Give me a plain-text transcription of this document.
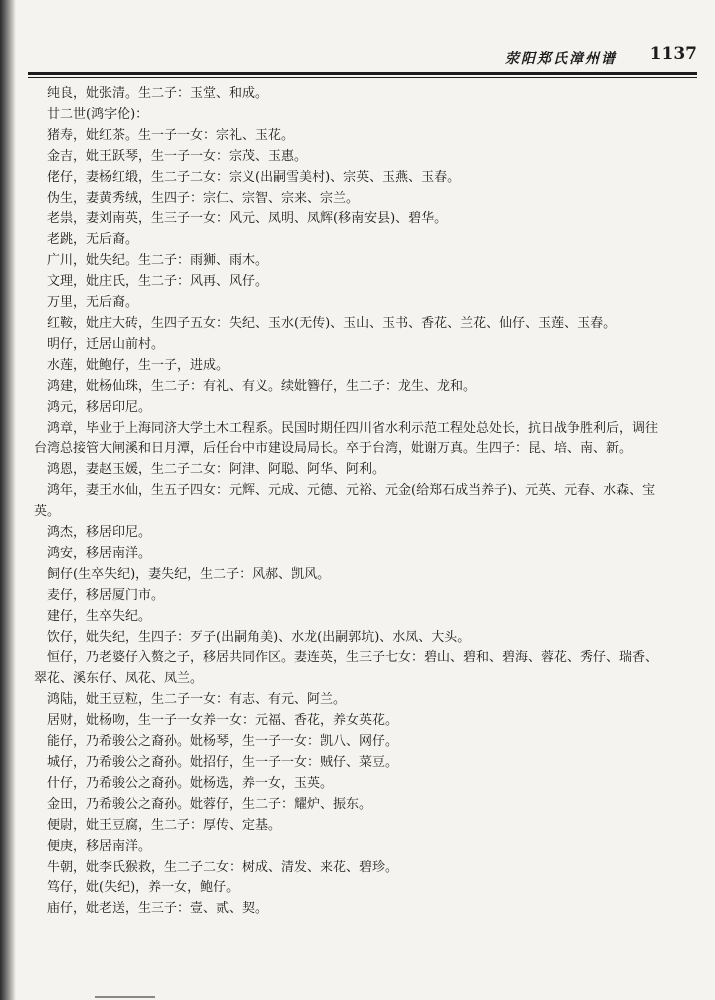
荥阳郑氏漳州谱 1137

纯良，妣张清。生二子：玉堂、和成。

廿二世(鸿字伦)：

猪寿，妣红茶。生一子一女：宗礼、玉花。

金吉，妣王跃琴，生一子一女：宗茂、玉惠。

佬仔，妻杨红缎，生二子二女：宗义(出嗣雪美村)、宗英、玉燕、玉春。

伪生，妻黄秀绒，生四子：宗仁、宗智、宗来、宗兰。

老祟，妻刘南英，生三子一女：风元、凤明、凤辉(移南安县)、碧华。

老跳，无后裔。

广川，妣失纪。生二子：雨狮、雨木。

文理，妣庄氏，生二子：风再、风仔。

万里，无后裔。

红鞍，妣庄大砖，生四子五女：失纪、玉水(无传)、玉山、玉书、香花、兰花、仙仔、玉莲、玉春。

明仔，迁居山前村。

水莲，妣鲍仔，生一子，进成。

鸿建，妣杨仙珠，生二子：有礼、有义。续妣簪仔，生二子：龙生、龙和。

鸿元，移居印尼。

鸿章，毕业于上海同济大学土木工程系。民国时期任四川省水利示范工程处总处长，抗日战争胜利后，调往台湾总接管大闸溪和日月潭，后任台中市建设局局长。卒于台湾，妣谢万真。生四子：昆、培、南、新。

鸿恩，妻赵玉媛，生二子二女：阿津、阿聪、阿华、阿利。

鸿年，妻王水仙，生五子四女：元辉、元成、元德、元裕、元金(给郑石成当养子)、元英、元春、水森、宝英。

鸿杰，移居印尼。

鸿安，移居南洋。

飼仔(生卒失纪)，妻失纪，生二子：风郝、凯风。

麦仔，移居厦门市。

建仔，生卒失纪。

饮仔，妣失纪，生四子：歹子(出嗣角美)、水龙(出嗣郭坑)、水凤、大头。

恒仔，乃老婆仔入赘之子，移居共同作区。妻连英，生三子七女：碧山、碧和、碧海、蓉花、秀仔、瑞香、翠花、溪东仔、凤花、凤兰。

鸿陆，妣王豆粒，生二子一女：有志、有元、阿兰。

居财，妣杨吻，生一子一女养一女：元福、香花，养女英花。

能仔，乃希骏公之裔孙。妣杨琴，生一子一女：凯八、网仔。

城仔，乃希骏公之裔孙。妣招仔，生一子一女：贼仔、菜豆。

什仔，乃希骏公之裔孙。妣杨选，养一女，玉英。

金田，乃希骏公之裔孙。妣蓉仔，生二子：耀炉、振东。

便尉，妣王豆腐，生二子：厚传、定基。

便庚，移居南洋。

牛朝，妣李氏猴救，生二子二女：树成、清发、来花、碧珍。

笃仔，妣(失纪)，养一女，鲍仔。

庙仔，妣老送，生三子：壹、贰、契。
